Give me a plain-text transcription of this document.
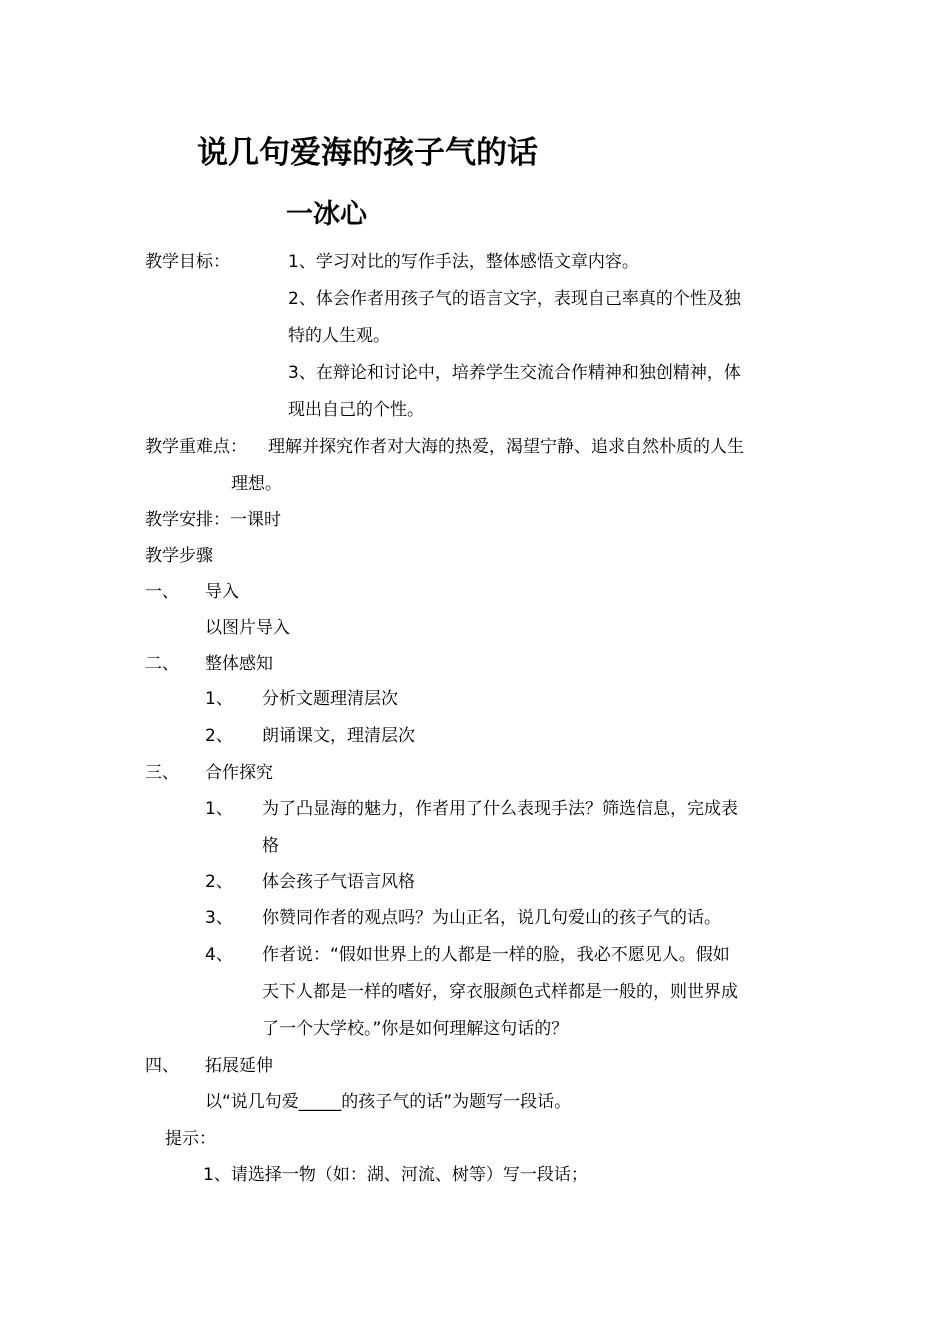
说几句爱海的孩子气的话
一冰心
教学目标：	1、学习对比的写作手法，整体感悟文章内容。
2、体会作者用孩子气的语言文字，表现自己率真的个性及独
特的人生观。
3、在辩论和讨论中，培养学生交流合作精神和独创精神，体
现出自己的个性。
教学重难点： 理解并探究作者对大海的热爱，渴望宁静、追求自然朴质的人生
理想。
教学安排：一课时
教学步骤
一、 导入
以图片导入
二、 整体感知
1、 分析文题理清层次
2、 朗诵课文，理清层次
三、 合作探究
1、 为了凸显海的魅力，作者用了什么表现手法？筛选信息，完成表
格
2、 体会孩子气语言风格
3、 你赞同作者的观点吗？为山正名，说几句爱山的孩子气的话。
4、 作者说：“假如世界上的人都是一样的脸，我必不愿见人。假如
天下人都是一样的嗜好，穿衣服颜色式样都是一般的，则世界成
了一个大学校。”你是如何理解这句话的？
四、 拓展延伸
以“说几句爱_____的孩子气的话”为题写一段话。
提示：
1、请选择一物（如：湖、河流、树等）写一段话；
